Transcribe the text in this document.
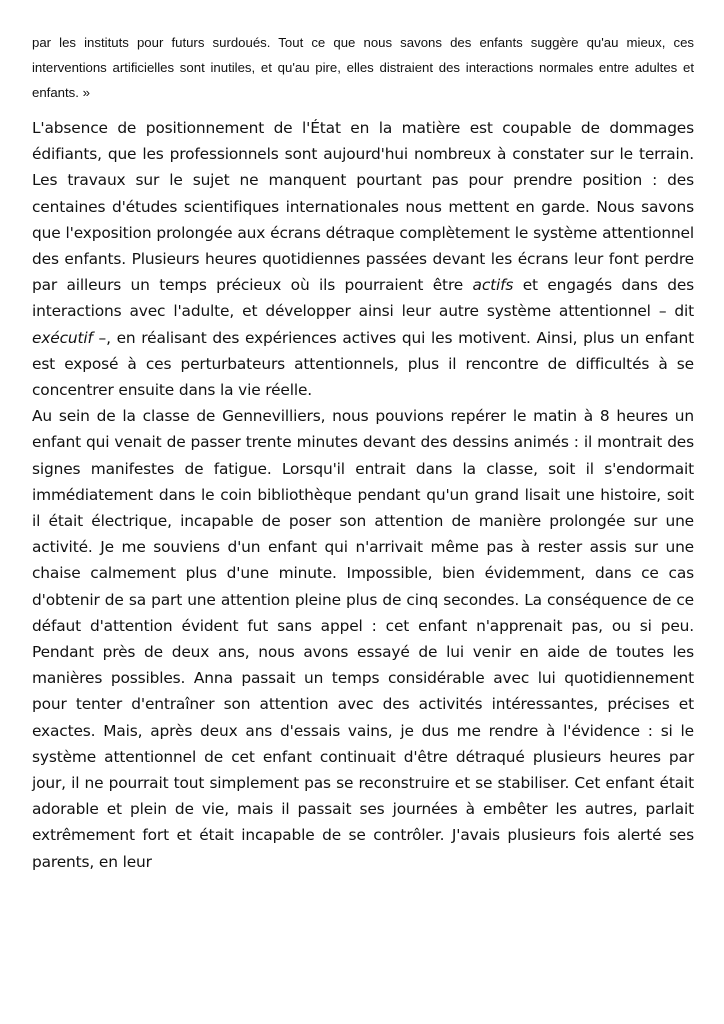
par les instituts pour futurs surdoués. Tout ce que nous savons des enfants suggère qu'au mieux, ces interventions artificielles sont inutiles, et qu'au pire, elles distraient des interactions normales entre adultes et enfants. »

L'absence de positionnement de l'État en la matière est coupable de dommages édifiants, que les professionnels sont aujourd'hui nombreux à constater sur le terrain. Les travaux sur le sujet ne manquent pourtant pas pour prendre position : des centaines d'études scientifiques internationales nous mettent en garde. Nous savons que l'exposition prolongée aux écrans détraque complètement le système attentionnel des enfants. Plusieurs heures quotidiennes passées devant les écrans leur font perdre par ailleurs un temps précieux où ils pourraient être actifs et engagés dans des interactions avec l'adulte, et développer ainsi leur autre système attentionnel – dit exécutif –, en réalisant des expériences actives qui les motivent. Ainsi, plus un enfant est exposé à ces perturbateurs attentionnels, plus il rencontre de difficultés à se concentrer ensuite dans la vie réelle.

Au sein de la classe de Gennevilliers, nous pouvions repérer le matin à 8 heures un enfant qui venait de passer trente minutes devant des dessins animés : il montrait des signes manifestes de fatigue. Lorsqu'il entrait dans la classe, soit il s'endormait immédiatement dans le coin bibliothèque pendant qu'un grand lisait une histoire, soit il était électrique, incapable de poser son attention de manière prolongée sur une activité. Je me souviens d'un enfant qui n'arrivait même pas à rester assis sur une chaise calmement plus d'une minute. Impossible, bien évidemment, dans ce cas d'obtenir de sa part une attention pleine plus de cinq secondes. La conséquence de ce défaut d'attention évident fut sans appel : cet enfant n'apprenait pas, ou si peu. Pendant près de deux ans, nous avons essayé de lui venir en aide de toutes les manières possibles. Anna passait un temps considérable avec lui quotidiennement pour tenter d'entraîner son attention avec des activités intéressantes, précises et exactes. Mais, après deux ans d'essais vains, je dus me rendre à l'évidence : si le système attentionnel de cet enfant continuait d'être détraqué plusieurs heures par jour, il ne pourrait tout simplement pas se reconstruire et se stabiliser. Cet enfant était adorable et plein de vie, mais il passait ses journées à embêter les autres, parlait extrêmement fort et était incapable de se contrôler. J'avais plusieurs fois alerté ses parents, en leur
